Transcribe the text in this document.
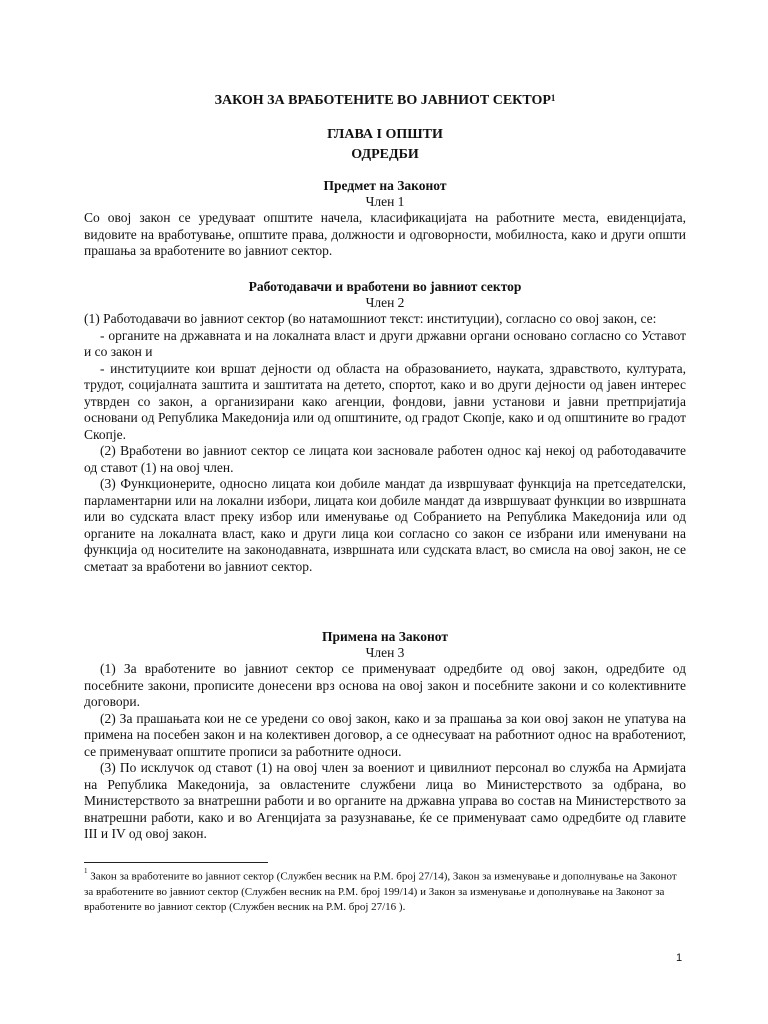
ЗАКОН ЗА ВРАБОТЕНИТЕ ВО ЈАВНИОТ СЕКТОР$^1$
ГЛАВА I ОПШТИ
ОДРЕДБИ
Предмет на Законот
Член 1

Со овој закон се уредуваат општите начела, класификацијата на работните места, евиденцијата, видовите на вработување, општите права, должности и одговорности, мобилноста, како и други општи прашања за вработените во јавниот сектор.

Работодавачи и вработени во јавниот сектор
Член 2

(1) Работодавачи во јавниот сектор (во натамошниот текст: институции), согласно со овој закон, се:

- органите на државната и на локалната власт и други државни органи основано согласно со Уставот и со закон и

- институциите кои вршат дејности од областа на образованието, науката, здравството, културата, трудот, социјалната заштита и заштитата на детето, спортот, како и во други дејности од јавен интерес утврден со закон, а организирани како агенции, фондови, јавни установи и јавни претпријатија основани од Република Македонија или од општините, од градот Скопје, како и од општините во градот Скопје.

(2) Вработени во јавниот сектор се лицата кои засновале работен однос кај некој од работодавачите од ставот (1) на овој член.

(3) Функционерите, односно лицата кои добиле мандат да извршуваат функција на претседателски, парламентарни или на локални избори, лицата кои добиле мандат да извршуваат функции во извршната или во судската власт преку избор или именување од Собранието на Република Македонија или од органите на локалната власт, како и други лица кои согласно со закон се избрани или именувани на функција од носителите на законодавната, извршната или судската власт, во смисла на овој закон, не се сметаат за вработени во јавниот сектор.

Примена на Законот
Член 3

(1) За вработените во јавниот сектор се применуваат одредбите од овој закон, одредбите од посебните закони, прописите донесени врз основа на овој закон и посебните закони и со колективните договори.

(2) За прашањата кои не се уредени со овој закон, како и за прашања за кои овој закон не упатува на примена на посебен закон и на колективен договор, а се однесуваат на работниот однос на вработениот, се применуваат општите прописи за работните односи.

(3) По исклучок од ставот (1) на овој член за воениот и цивилниот персонал во служба на Армијата на Република Македонија, за овластените службени лица во Министерството за одбрана, во Министерството за внатрешни работи и во органите на државна управа во состав на Министерството за внатрешни работи, како и во Агенцијата за разузнавање, ќе се применуваат само одредбите од главите III и IV од овој закон.

$^1$ Закон за вработените во јавниот сектор (Службен весник на Р.М. број 27/14), Закон за изменување и дополнување на Законот за вработените во јавниот сектор (Службен весник на Р.М. број 199/14) и Закон за изменување и дополнување на Законот за вработените во јавниот сектор (Службен весник на Р.М. број 27/16 ).

1
